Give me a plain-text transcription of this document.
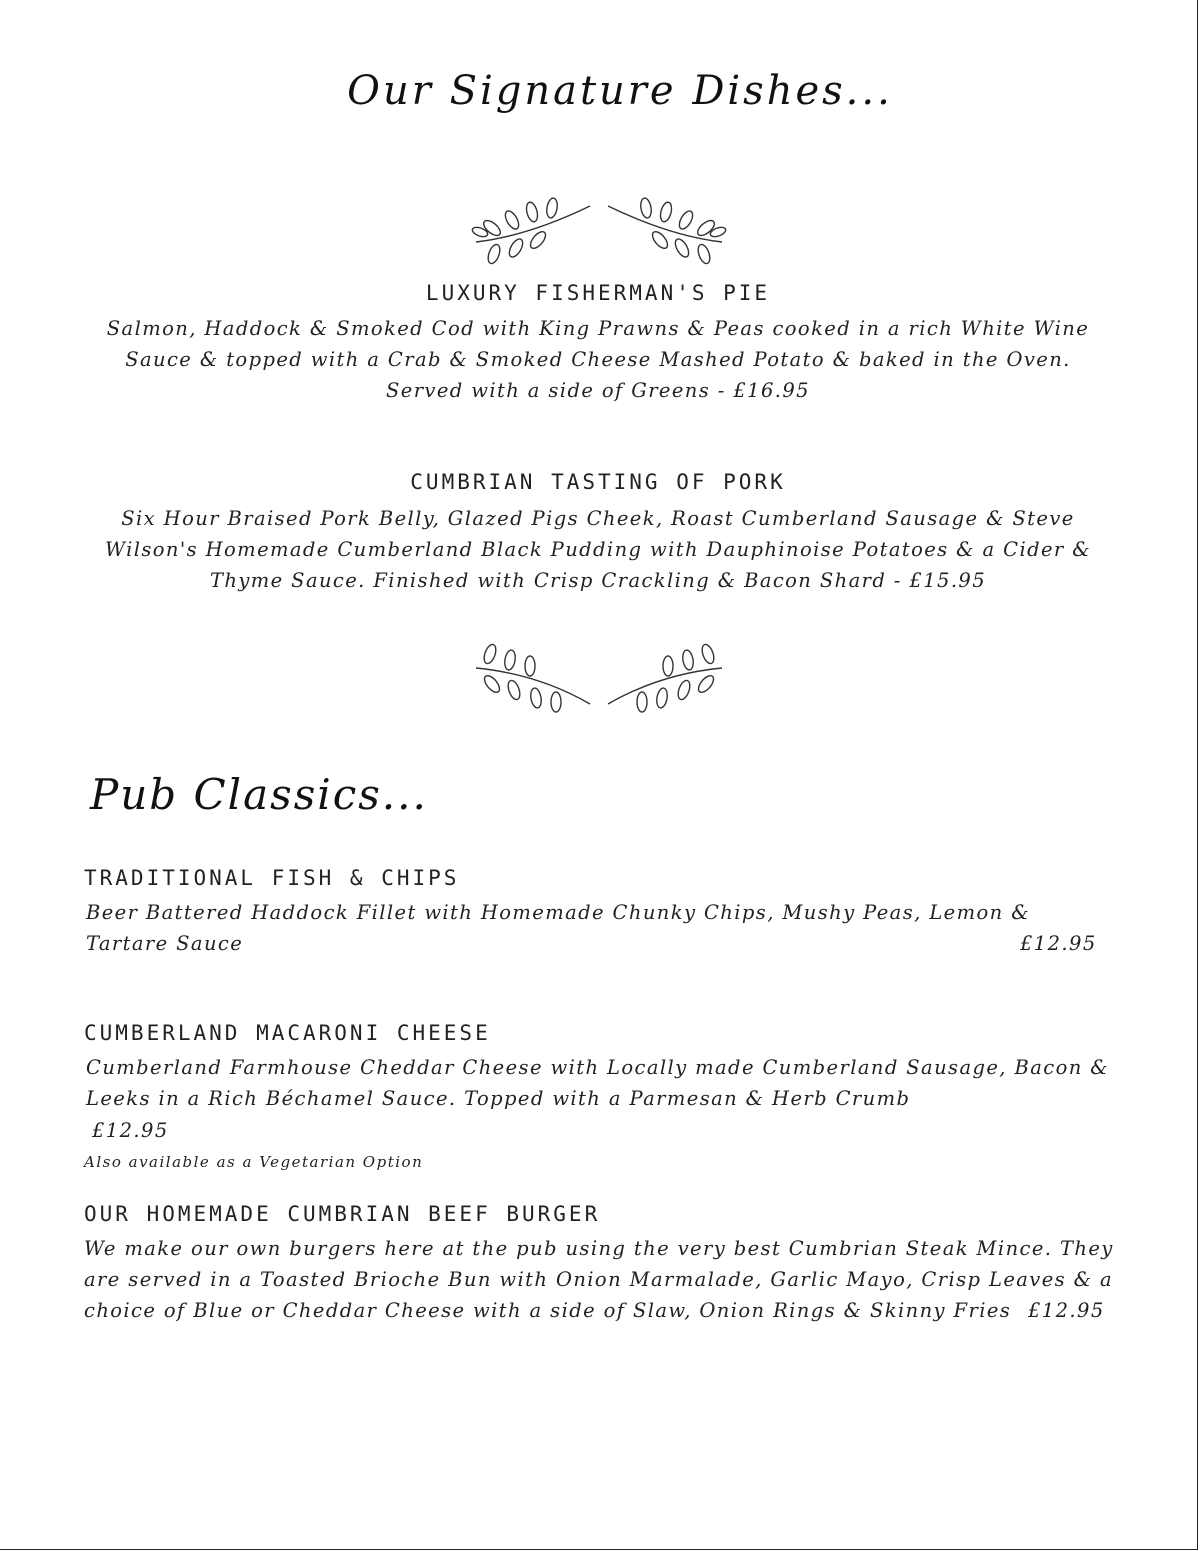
Our Signature Dishes...
LUXURY FISHERMAN'S PIE
Salmon, Haddock & Smoked Cod with King Prawns & Peas cooked in a rich White Wine
Sauce & topped with a Crab & Smoked Cheese Mashed Potato & baked in the Oven.
Served with a side of Greens - £16.95
CUMBRIAN TASTING OF PORK
Six Hour Braised Pork Belly, Glazed Pigs Cheek, Roast Cumberland Sausage & Steve
Wilson's Homemade Cumberland Black Pudding with Dauphinoise Potatoes & a Cider &
Thyme Sauce. Finished with Crisp Crackling & Bacon Shard - £15.95
Pub Classics...
TRADITIONAL FISH & CHIPS
Beer Battered Haddock Fillet with Homemade Chunky Chips, Mushy Peas, Lemon &
Tartare Sauce	£12.95
CUMBERLAND MACARONI CHEESE
Cumberland Farmhouse Cheddar Cheese with Locally made Cumberland Sausage, Bacon &
Leeks in a Rich Béchamel Sauce. Topped with a Parmesan & Herb Crumb
£12.95
Also available as a Vegetarian Option
OUR HOMEMADE CUMBRIAN BEEF BURGER
We make our own burgers here at the pub using the very best Cumbrian Steak Mince. They
are served in a Toasted Brioche Bun with Onion Marmalade, Garlic Mayo, Crisp Leaves & a
choice of Blue or Cheddar Cheese with a side of Slaw, Onion Rings & Skinny Fries £12.95
